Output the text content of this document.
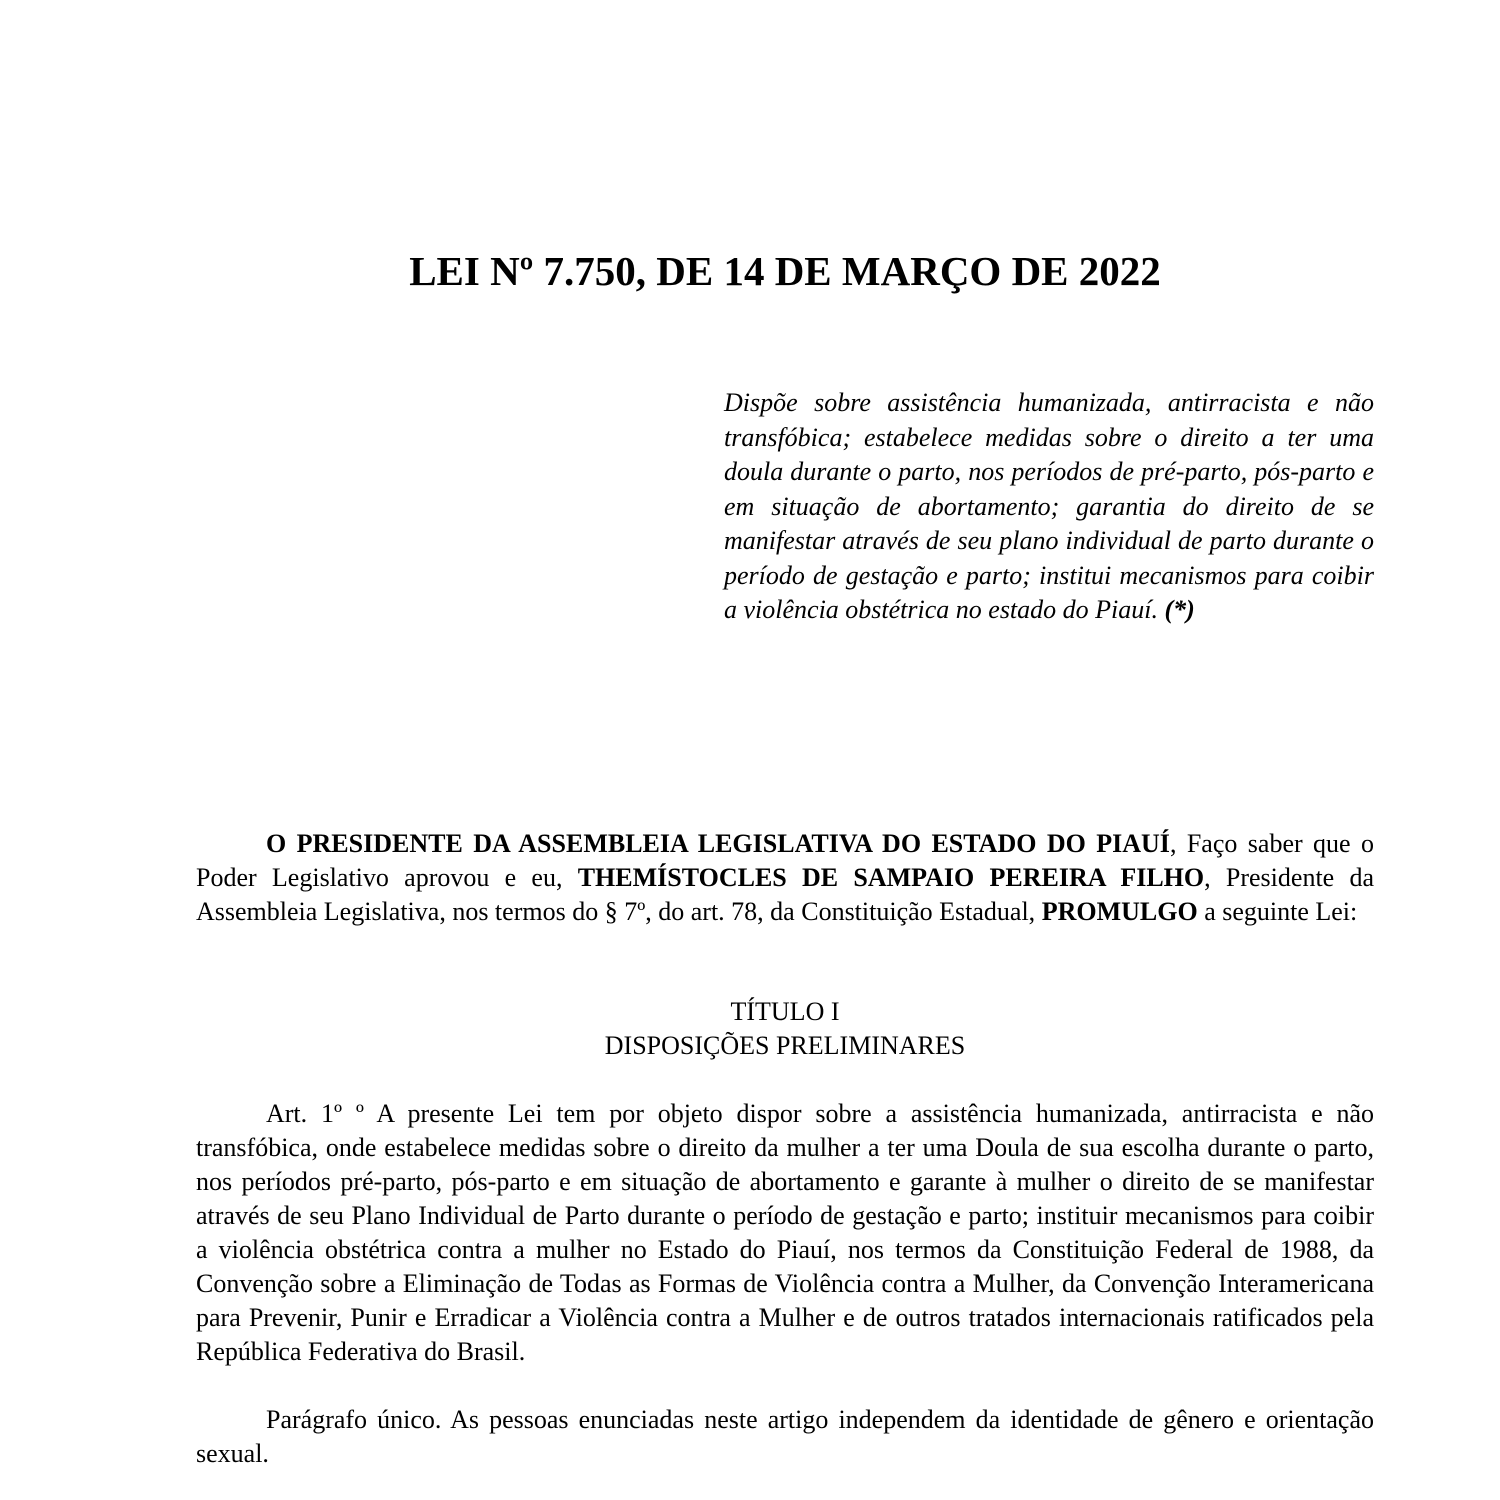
LEI Nº 7.750, DE 14 DE MARÇO DE 2022

Dispõe sobre assistência humanizada, antirracista e não transfóbica; estabelece medidas sobre o direito a ter uma doula durante o parto, nos períodos de pré-parto, pós-parto e em situação de abortamento; garantia do direito de se manifestar através de seu plano individual de parto durante o período de gestação e parto; institui mecanismos para coibir a violência obstétrica no estado do Piauí. (*)

O PRESIDENTE DA ASSEMBLEIA LEGISLATIVA DO ESTADO DO PIAUÍ, Faço saber que o Poder Legislativo aprovou e eu, THEMÍSTOCLES DE SAMPAIO PEREIRA FILHO, Presidente da Assembleia Legislativa, nos termos do § 7º, do art. 78, da Constituição Estadual, PROMULGO a seguinte Lei:

TÍTULO I
DISPOSIÇÕES PRELIMINARES

Art. 1º º A presente Lei tem por objeto dispor sobre a assistência humanizada, antirracista e não transfóbica, onde estabelece medidas sobre o direito da mulher a ter uma Doula de sua escolha durante o parto, nos períodos pré-parto, pós-parto e em situação de abortamento e garante à mulher o direito de se manifestar através de seu Plano Individual de Parto durante o período de gestação e parto; instituir mecanismos para coibir a violência obstétrica contra a mulher no Estado do Piauí, nos termos da Constituição Federal de 1988, da Convenção sobre a Eliminação de Todas as Formas de Violência contra a Mulher, da Convenção Interamericana para Prevenir, Punir e Erradicar a Violência contra a Mulher e de outros tratados internacionais ratificados pela República Federativa do Brasil.

Parágrafo único. As pessoas enunciadas neste artigo independem da identidade de gênero e orientação sexual.
